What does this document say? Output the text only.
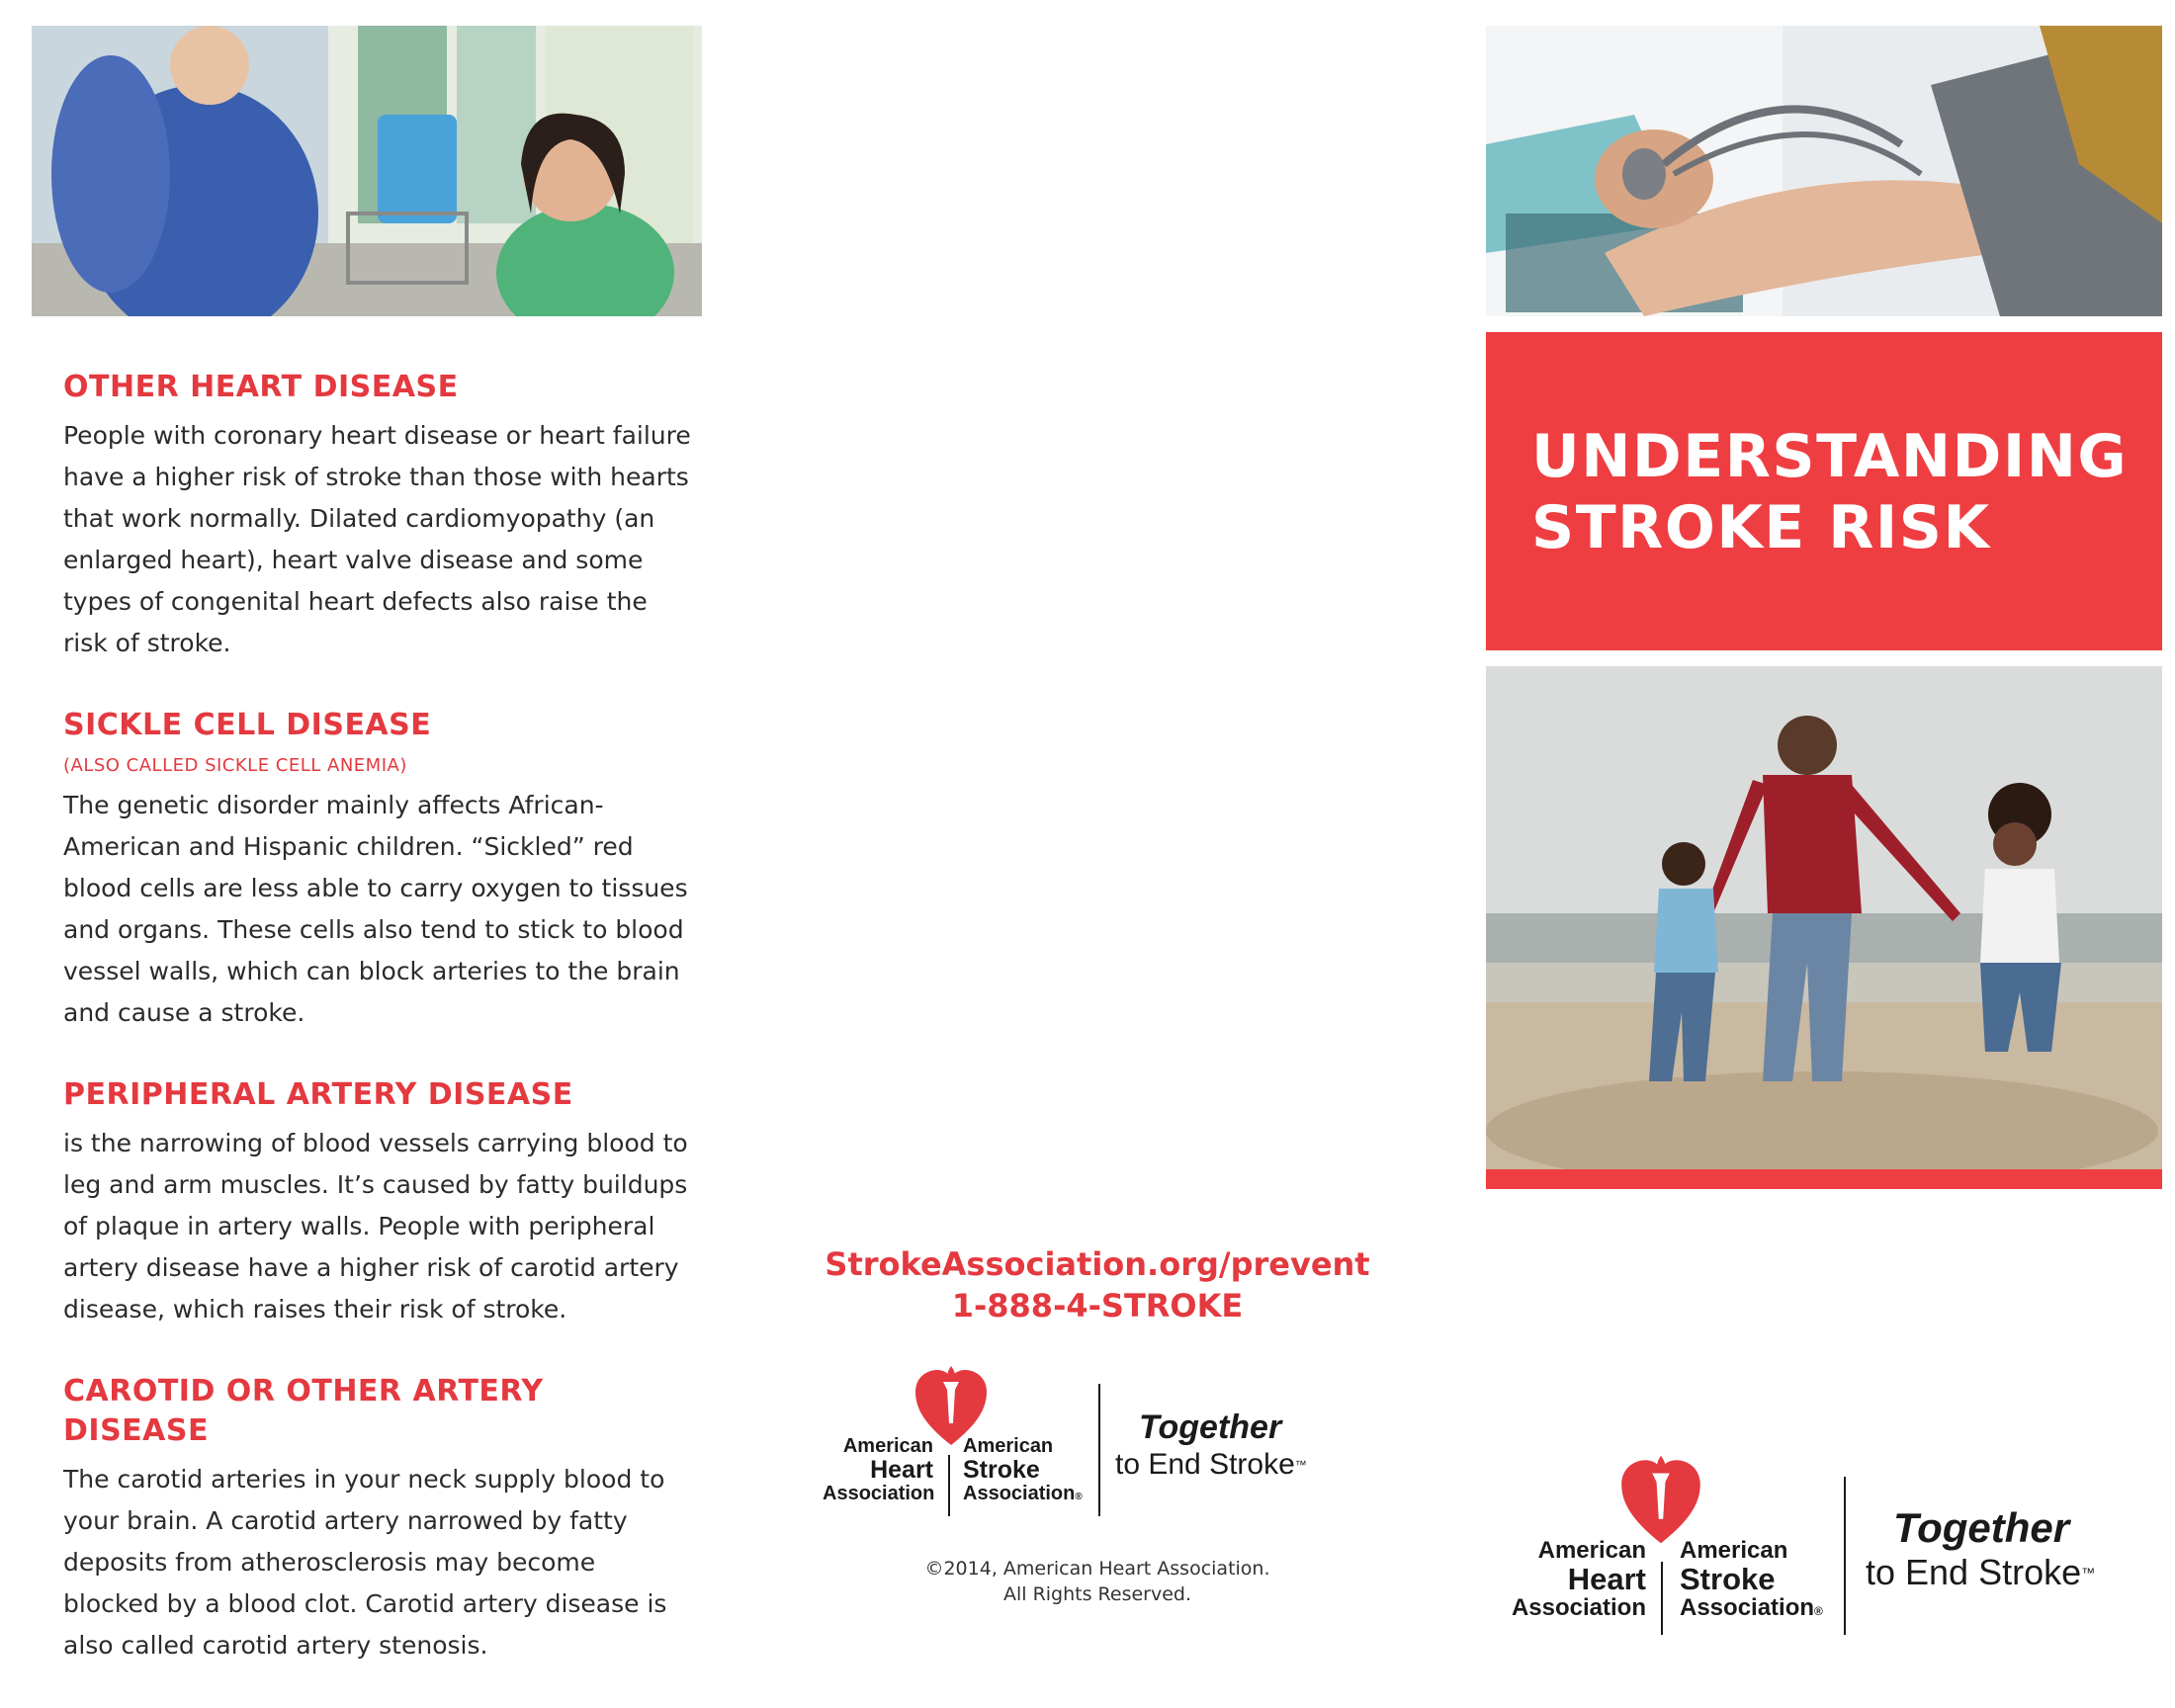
OTHER HEART DISEASE

People with coronary heart disease or heart failure have a higher risk of stroke than those with hearts that work normally. Dilated cardiomyopathy (an enlarged heart), heart valve disease and some types of congenital heart defects also raise the risk of stroke.

SICKLE CELL DISEASE

(ALSO CALLED SICKLE CELL ANEMIA)

The genetic disorder mainly affects African-American and Hispanic children. “Sickled” red blood cells are less able to carry oxygen to tissues and organs. These cells also tend to stick to blood vessel walls, which can block arteries to the brain and cause a stroke.

PERIPHERAL ARTERY DISEASE

is the narrowing of blood vessels carrying blood to leg and arm muscles. It’s caused by fatty buildups of plaque in artery walls. People with peripheral artery disease have a higher risk of carotid artery disease, which raises their risk of stroke.

CAROTID OR OTHER ARTERY DISEASE

The carotid arteries in your neck supply blood to your brain. A carotid artery narrowed by fatty deposits from atherosclerosis may become blocked by a blood clot. Carotid artery disease is also called carotid artery stenosis.

UNDERSTANDING
STROKE RISK
StrokeAssociation.org/prevent
1-888-4-STROKE
American
Heart
Association
American
Stroke
Association®
Together
to End Stroke™
©2014, American Heart Association.
All Rights Reserved.
American
Heart
Association
American
Stroke
Association®
Together
to End Stroke™
